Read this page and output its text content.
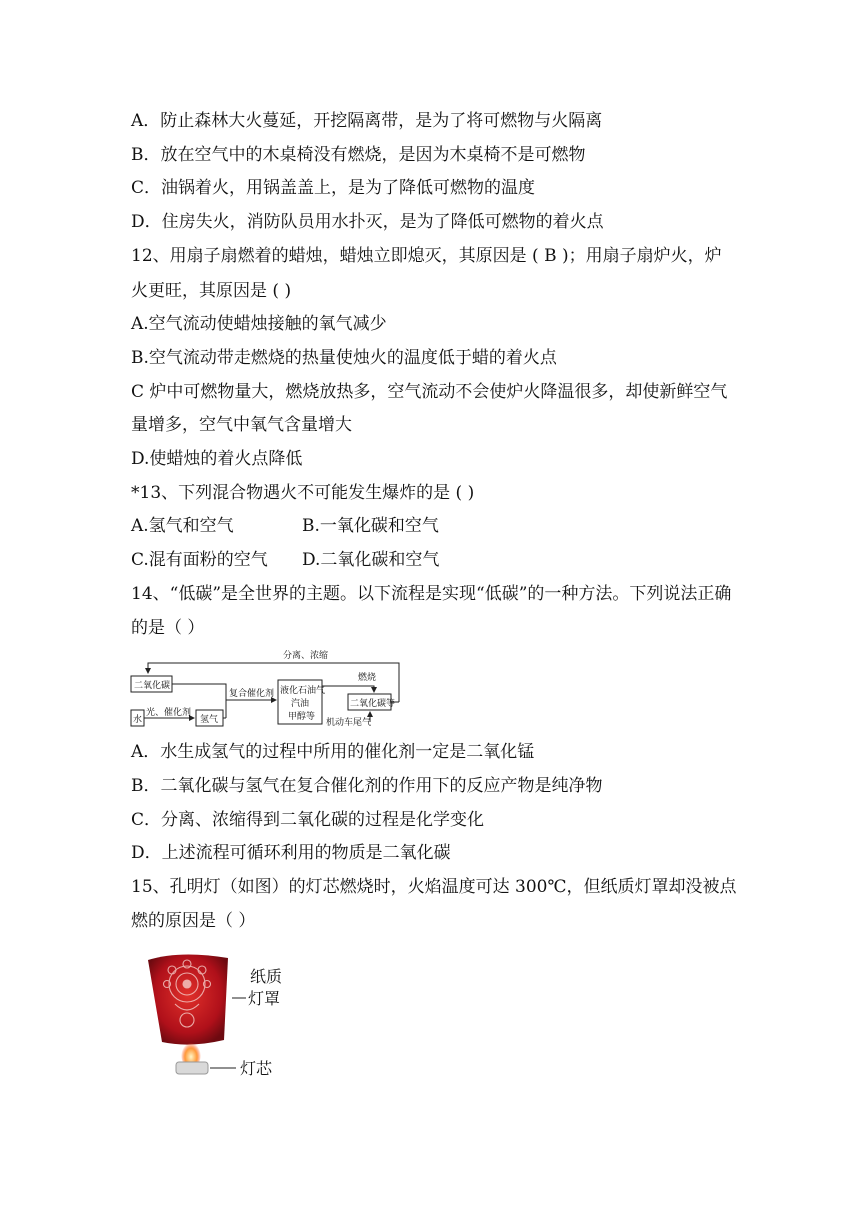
A．防止森林大火蔓延，开挖隔离带，是为了将可燃物与火隔离
B．放在空气中的木桌椅没有燃烧，是因为木桌椅不是可燃物
C．油锅着火，用锅盖盖上，是为了降低可燃物的温度
D．住房失火，消防队员用水扑灭，是为了降低可燃物的着火点
12、用扇子扇燃着的蜡烛，蜡烛立即熄灭，其原因是 ( B )；用扇子扇炉火，炉
火更旺，其原因是 ( )
A.空气流动使蜡烛接触的氧气减少
B.空气流动带走燃烧的热量使烛火的温度低于蜡的着火点
C 炉中可燃物量大，燃烧放热多，空气流动不会使炉火降温很多，却使新鲜空气
量增多，空气中氧气含量增大
D.使蜡烛的着火点降低
*13、下列混合物遇火不可能发生爆炸的是 ( )
A.氢气和空气	B.一氧化碳和空气
C.混有面粉的空气 D.二氧化碳和空气
14、“低碳”是全世界的主题。以下流程是实现“低碳”的一种方法。下列说法正确
的是（ ）
分离、浓缩
二氧化碳
水
光、催化剂
氢气
复合催化剂 液化石油气
汽油
甲醇等
燃烧
二氧化碳等
机动车尾气
A．水生成氢气的过程中所用的催化剂一定是二氧化锰
B．二氧化碳与氢气在复合催化剂的作用下的反应产物是纯净物
C．分离、浓缩得到二氧化碳的过程是化学变化
D．上述流程可循环利用的物质是二氧化碳
15、孔明灯（如图）的灯芯燃烧时，火焰温度可达 300℃，但纸质灯罩却没被点
燃的原因是（ ）
纸质
灯罩
灯芯
